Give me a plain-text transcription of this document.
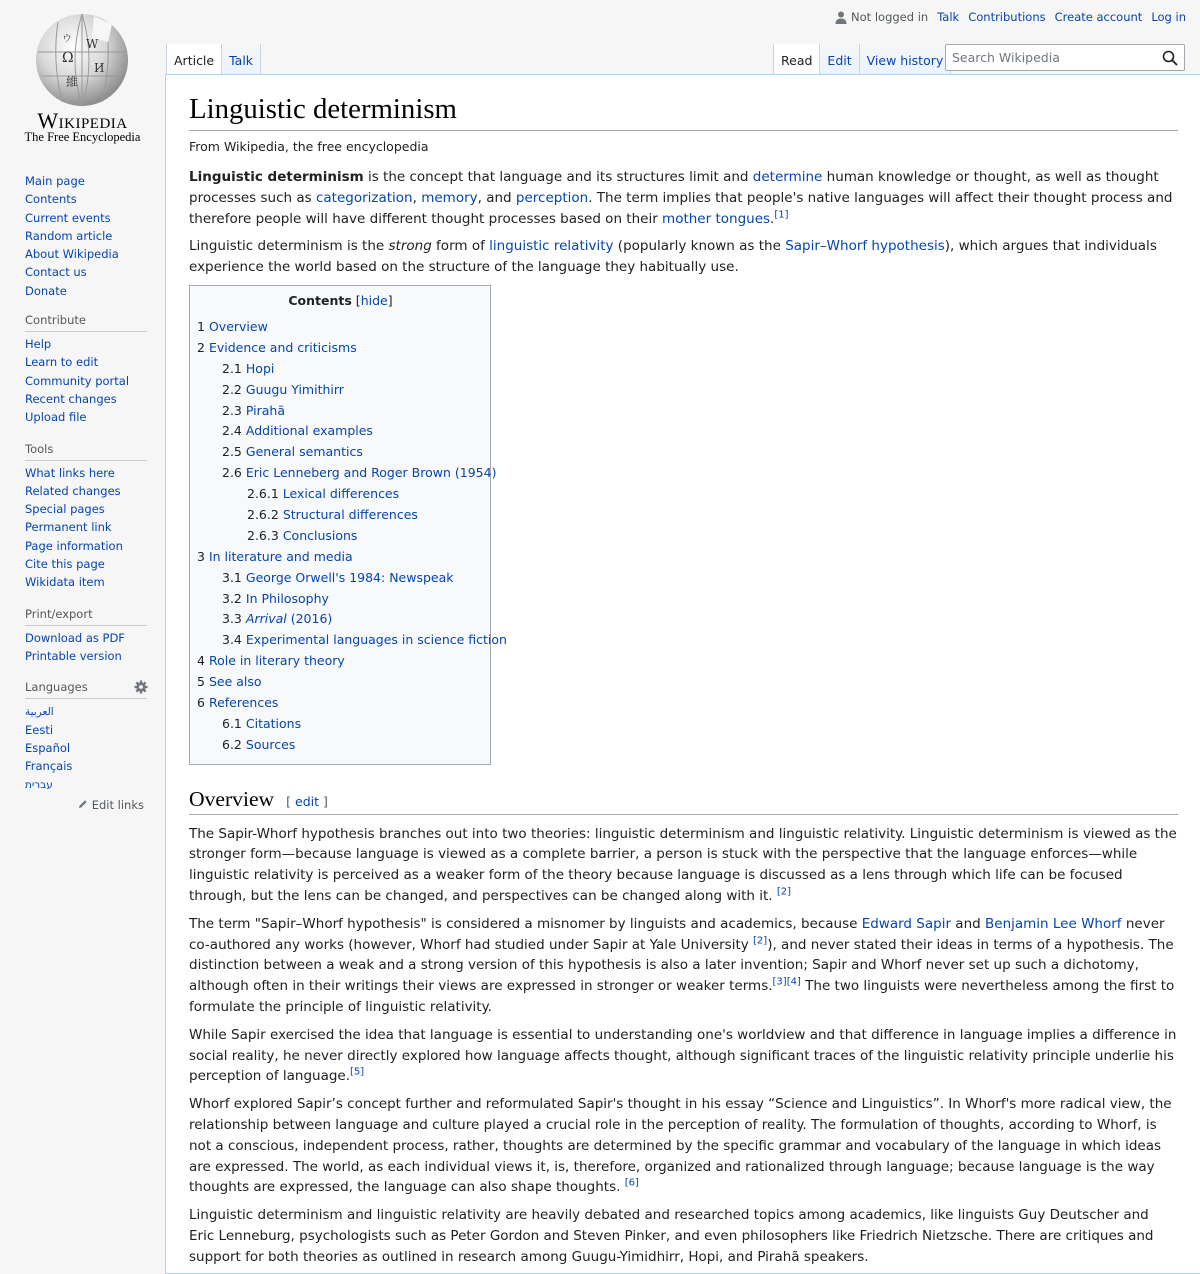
Ω
W
И
維
ウ
Wikipedia
The Free Encyclopedia
Not logged in Talk Contributions Create account Log in
Article Talk	Read Edit View history
Search Wikipedia
Main page
Contents
Current events
Random article
About Wikipedia
Contact us
Donate
Contribute
Help
Learn to edit
Community portal
Recent changes
Upload file
Tools
What links here
Related changes
Special pages
Permanent link
Page information
Cite this page
Wikidata item
Print/export
Download as PDF
Printable version
Languages
العربية
Eesti
Español
Français
עברית
Edit links
Linguistic determinism
From Wikipedia, the free encyclopedia

Linguistic determinism is the concept that language and its structures limit and determine human knowledge or thought, as well as thought processes such as categorization, memory, and perception. The term implies that people's native languages will affect their thought process and therefore people will have different thought processes based on their mother tongues.[1]

Linguistic determinism is the strong form of linguistic relativity (popularly known as the Sapir–Whorf hypothesis), which argues that individuals experience the world based on the structure of the language they habitually use.

Contents [hide]
1 Overview
2 Evidence and criticisms
2.1 Hopi
2.2 Guugu Yimithirr
2.3 Pirahã
2.4 Additional examples
2.5 General semantics
2.6 Eric Lenneberg and Roger Brown (1954)
2.6.1 Lexical differences
2.6.2 Structural differences
2.6.3 Conclusions
3 In literature and media
3.1 George Orwell's 1984: Newspeak
3.2 In Philosophy
3.3 Arrival (2016)
3.4 Experimental languages in science fiction
4 Role in literary theory
5 See also
6 References
6.1 Citations
6.2 Sources
Overview [ edit ]

The Sapir-Whorf hypothesis branches out into two theories: linguistic determinism and linguistic relativity. Linguistic determinism is viewed as the stronger form—because language is viewed as a complete barrier, a person is stuck with the perspective that the language enforces—while linguistic relativity is perceived as a weaker form of the theory because language is discussed as a lens through which life can be focused through, but the lens can be changed, and perspectives can be changed along with it. [2]

The term "Sapir–Whorf hypothesis" is considered a misnomer by linguists and academics, because Edward Sapir and Benjamin Lee Whorf never co-authored any works (however, Whorf had studied under Sapir at Yale University [2]), and never stated their ideas in terms of a hypothesis. The distinction between a weak and a strong version of this hypothesis is also a later invention; Sapir and Whorf never set up such a dichotomy, although often in their writings their views are expressed in stronger or weaker terms.[3][4] The two linguists were nevertheless among the first to formulate the principle of linguistic relativity.

While Sapir exercised the idea that language is essential to understanding one's worldview and that difference in language implies a difference in social reality, he never directly explored how language affects thought, although significant traces of the linguistic relativity principle underlie his perception of language.[5]

Whorf explored Sapir’s concept further and reformulated Sapir's thought in his essay “Science and Linguistics”. In Whorf's more radical view, the relationship between language and culture played a crucial role in the perception of reality. The formulation of thoughts, according to Whorf, is not a conscious, independent process, rather, thoughts are determined by the specific grammar and vocabulary of the language in which ideas are expressed. The world, as each individual views it, is, therefore, organized and rationalized through language; because language is the way thoughts are expressed, the language can also shape thoughts. [6]

Linguistic determinism and linguistic relativity are heavily debated and researched topics among academics, like linguists Guy Deutscher and Eric Lenneburg, psychologists such as Peter Gordon and Steven Pinker, and even philosophers like Friedrich Nietzsche. There are critiques and support for both theories as outlined in research among Guugu-Yimidhirr, Hopi, and Pirahã speakers.
